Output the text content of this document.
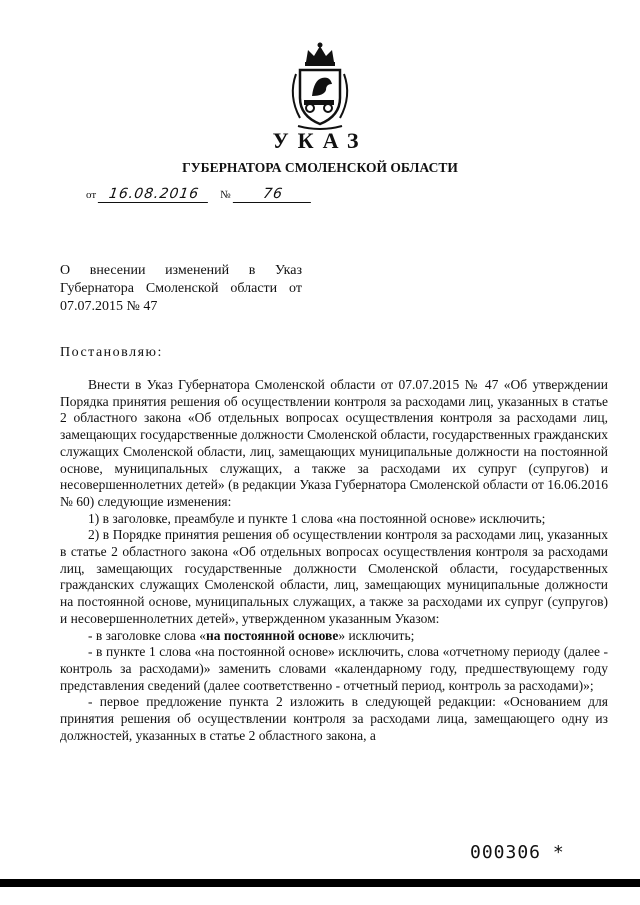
УКАЗ
ГУБЕРНАТОРА СМОЛЕНСКОЙ ОБЛАСТИ
от 16.08.2016 № 76
О внесении изменений в Указ
Губернатора Смоленской области от
07.07.2015 № 47
Постановляю:

Внести в Указ Губернатора Смоленской области от 07.07.2015 № 47 «Об утверждении Порядка принятия решения об осуществлении контроля за расходами лиц, указанных в статье 2 областного закона «Об отдельных вопросах осуществления контроля за расходами лиц, замещающих государственные должности Смоленской области, государственных гражданских служащих Смоленской области, лиц, замещающих муниципальные должности на постоянной основе, муниципальных служащих, а также за расходами их супруг (супругов) и несовершеннолетних детей» (в редакции Указа Губернатора Смоленской области от 16.06.2016 № 60) следующие изменения:

1) в заголовке, преамбуле и пункте 1 слова «на постоянной основе» исключить;

2) в Порядке принятия решения об осуществлении контроля за расходами лиц, указанных в статье 2 областного закона «Об отдельных вопросах осуществления контроля за расходами лиц, замещающих государственные должности Смоленской области, государственных гражданских служащих Смоленской области, лиц, замещающих муниципальные должности на постоянной основе, муниципальных служащих, а также за расходами их супруг (супругов) и несовершеннолетних детей», утвержденном указанным Указом:

- в заголовке слова «на постоянной основе» исключить;

- в пункте 1 слова «на постоянной основе» исключить, слова «отчетному периоду (далее - контроль за расходами)» заменить словами «календарному году, предшествующему году представления сведений (далее соответственно - отчетный период, контроль за расходами)»;

- первое предложение пункта 2 изложить в следующей редакции: «Основанием для принятия решения об осуществлении контроля за расходами лица, замещающего одну из должностей, указанных в статье 2 областного закона, а

000306 *
